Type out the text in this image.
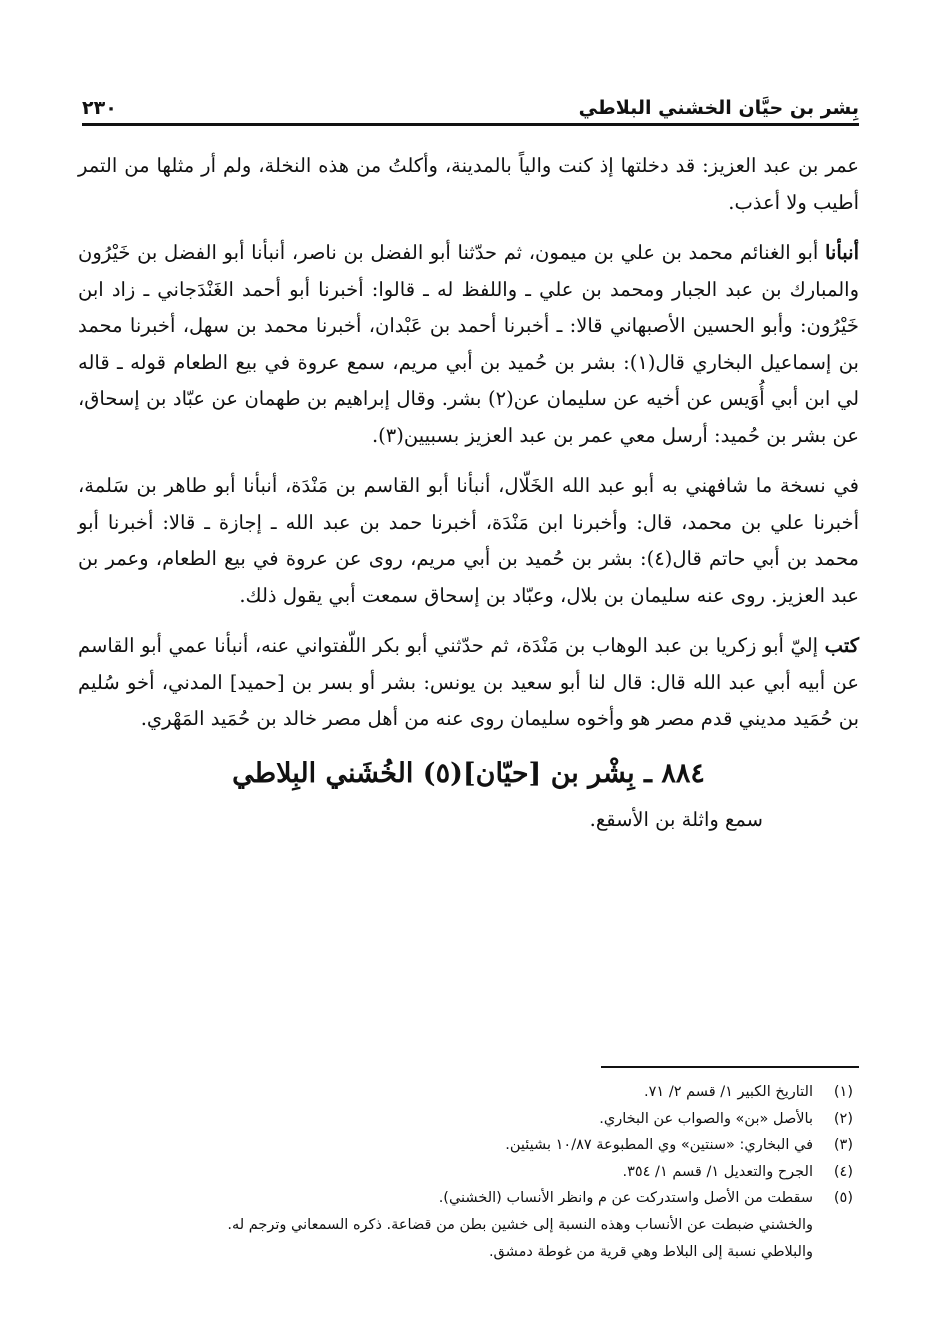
بِشر بن حيَّان الخشني البلاطي
٢٣٠

عمر بن عبد العزيز: قد دخلتها إذ كنت والياً بالمدينة، وأكلتُ من هذه النخلة، ولم أر مثلها من التمر أطيب ولا أعذب.

أنبأنا أبو الغنائم محمد بن علي بن ميمون، ثم حدّثنا أبو الفضل بن ناصر، أنبأنا أبو الفضل بن خَيْرُون والمبارك بن عبد الجبار ومحمد بن علي ـ واللفظ له ـ قالوا: أخبرنا أبو أحمد الغَنْدَجاني ـ زاد ابن خَيْرُون: وأبو الحسين الأصبهاني قالا: ـ أخبرنا أحمد بن عَبْدان، أخبرنا محمد بن سهل، أخبرنا محمد بن إسماعيل البخاري قال(١): بشر بن حُميد بن أبي مريم، سمع عروة في بيع الطعام قوله ـ قاله لي ابن أبي أُوَيس عن أخيه عن سليمان عن(٢) بشر. وقال إبراهيم بن طهمان عن عبّاد بن إسحاق، عن بشر بن حُميد: أرسل معي عمر بن عبد العزيز بسبيين(٣).

في نسخة ما شافهني به أبو عبد الله الخَلّال، أنبأنا أبو القاسم بن مَنْدَة، أنبأنا أبو طاهر بن سَلمة، أخبرنا علي بن محمد، قال: وأخبرنا ابن مَنْدَة، أخبرنا حمد بن عبد الله ـ إجازة ـ قالا: أخبرنا أبو محمد بن أبي حاتم قال(٤): بشر بن حُميد بن أبي مريم، روى عن عروة في بيع الطعام، وعمر بن عبد العزيز. روى عنه سليمان بن بلال، وعبّاد بن إسحاق سمعت أبي يقول ذلك.

كتب إليّ أبو زكريا بن عبد الوهاب بن مَنْدَة، ثم حدّثني أبو بكر اللّفتواني عنه، أنبأنا عمي أبو القاسم عن أبيه أبي عبد الله قال: قال لنا أبو سعيد بن يونس: بشر أو بسر بن [حميد] المدني، أخو سُليم بن حُمَيد مديني قدم مصر هو وأخوه سليمان روى عنه من أهل مصر خالد بن حُمَيد المَهْري.

٨٨٤ ـ بِشْر بن [حيّان](٥) الخُشَني البِلاطي
سمع واثلة بن الأسقع.
(١)
التاريخ الكبير ١/ قسم ٢/ ٧١.
(٢)
بالأصل «بن» والصواب عن البخاري.
(٣)
في البخاري: «سنتين» وي المطبوعة ١٠/٨٧ بشيئين.
(٤)
الجرح والتعديل ١/ قسم ١/ ٣٥٤.
(٥)
سقطت من الأصل واستدركت عن م وانظر الأنساب (الخشني).
والخشني ضبطت عن الأنساب وهذه النسبة إلى خشين بطن من قضاعة. ذكره السمعاني وترجم له.
والبلاطي نسبة إلى البلاط وهي قرية من غوطة دمشق.
